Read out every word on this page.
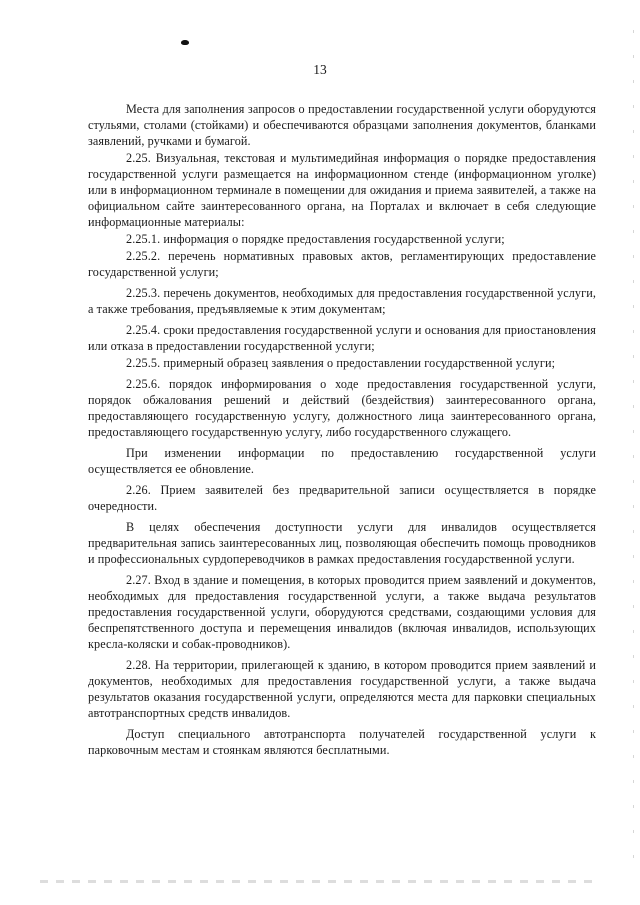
13

Места для заполнения запросов о предоставлении государственной услуги оборудуются стульями, столами (стойками) и обеспечиваются образцами заполнения документов, бланками заявлений, ручками и бумагой.

2.25. Визуальная, текстовая и мультимедийная информация о порядке предоставления государственной услуги размещается на информационном стенде (информационном уголке) или в информационном терминале в помещении для ожидания и приема заявителей, а также на официальном сайте заинтересованного органа, на Порталах и включает в себя следующие информационные материалы:

2.25.1. информация о порядке предоставления государственной услуги;

2.25.2. перечень нормативных правовых актов, регламентирующих предоставление государственной услуги;

2.25.3. перечень документов, необходимых для предоставления государственной услуги, а также требования, предъявляемые к этим документам;

2.25.4. сроки предоставления государственной услуги и основания для приостановления или отказа в предоставлении государственной услуги;

2.25.5. примерный образец заявления о предоставлении государственной услуги;

2.25.6. порядок информирования о ходе предоставления государственной услуги, порядок обжалования решений и действий (бездействия) заинтересованного органа, предоставляющего государственную услугу, должностного лица заинтересованного органа, предоставляющего государственную услугу, либо государственного служащего.

При изменении информации по предоставлению государственной услуги осуществляется ее обновление.

2.26. Прием заявителей без предварительной записи осуществляется в порядке очередности.

В целях обеспечения доступности услуги для инвалидов осуществляется предварительная запись заинтересованных лиц, позволяющая обеспечить помощь проводников и профессиональных сурдопереводчиков в рамках предоставления государственной услуги.

2.27. Вход в здание и помещения, в которых проводится прием заявлений и документов, необходимых для предоставления государственной услуги, а также выдача результатов предоставления государственной услуги, оборудуются средствами, создающими условия для беспрепятственного доступа и перемещения инвалидов (включая инвалидов, использующих кресла-коляски и собак-проводников).

2.28. На территории, прилегающей к зданию, в котором проводится прием заявлений и документов, необходимых для предоставления государственной услуги, а также выдача результатов оказания государственной услуги, определяются места для парковки специальных автотранспортных средств инвалидов.

Доступ специального автотранспорта получателей государственной услуги к парковочным местам и стоянкам являются бесплатными.
